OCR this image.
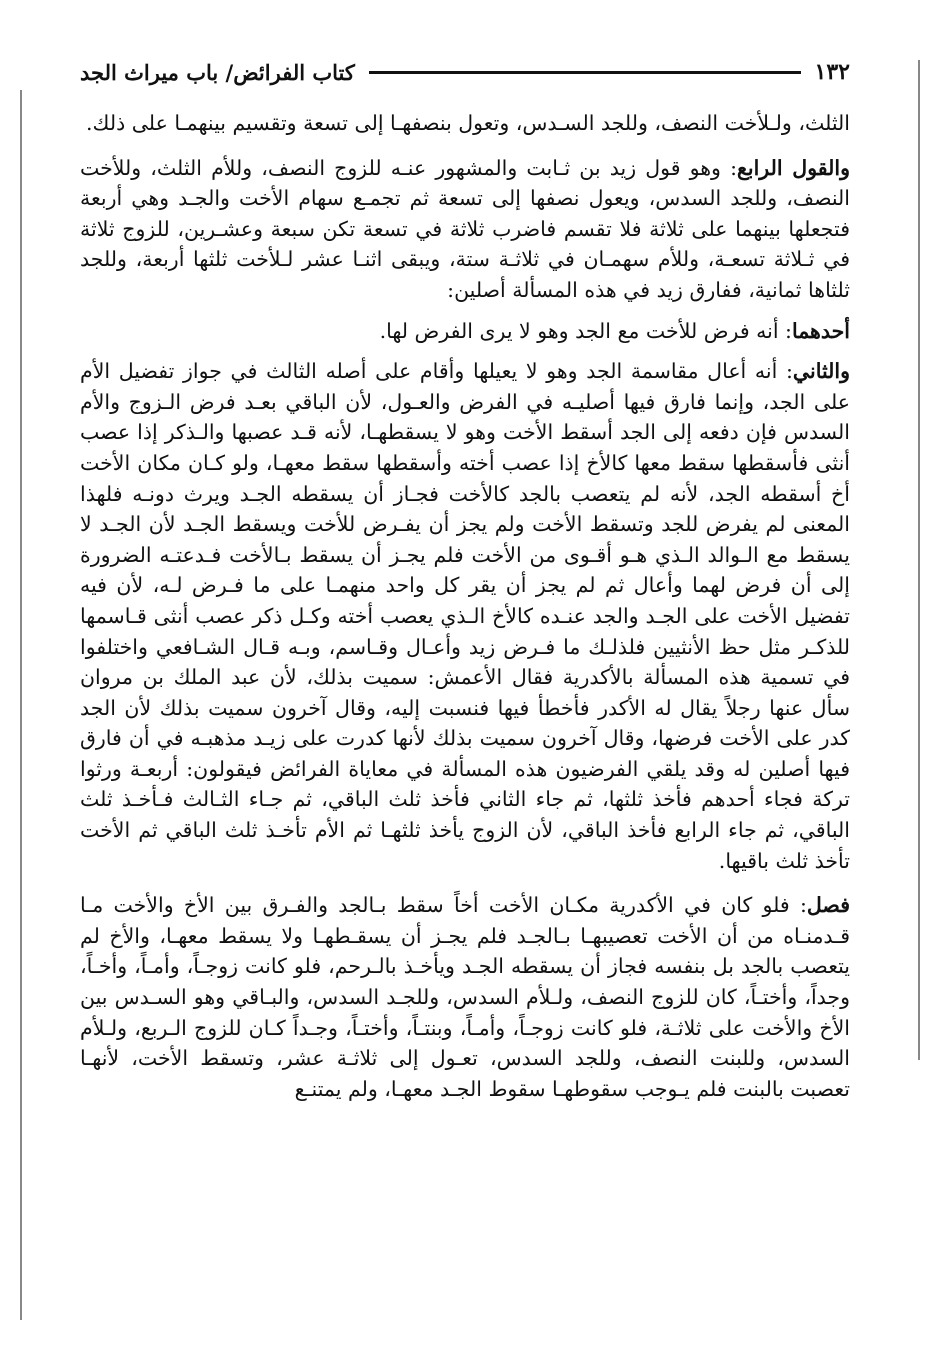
١٣٢
كتاب الفرائض/ باب ميراث الجد

الثلث، ولـلأخت النصف، وللجد السـدس، وتعول بنصفهـا إلى تسعة وتقسيم بينهمـا على ذلك.

والقول الرابع: وهو قول زيد بن ثـابت والمشهور عنـه للزوج النصف، وللأم الثلث، وللأخت النصف، وللجد السدس، ويعول نصفها إلى تسعة ثم تجمـع سهام الأخت والجـد وهي أربعة فتجعلها بينهما على ثلاثة فلا تقسم فاضرب ثلاثة في تسعة تكن سبعة وعشـرين، للزوج ثلاثة في ثـلاثة تسعـة، وللأم سهمـان في ثلاثـة ستة، ويبقى اثنـا عشر لـلأخت ثلثها أربعة، وللجد ثلثاها ثمانية، ففارق زيد في هذه المسألة أصلين:

أحدهما: أنه فرض للأخت مع الجد وهو لا يرى الفرض لها.

والثاني: أنه أعال مقاسمة الجد وهو لا يعيلها وأقام على أصله الثالث في جواز تفضيل الأم على الجد، وإنما فارق فيها أصليـه في الفرض والعـول، لأن الباقي بعـد فرض الـزوج والأم السدس فإن دفعه إلى الجد أسقط الأخت وهو لا يسقطهـا، لأنه قـد عصبها والـذكر إذا عصب أنثى فأسقطها سقط معها كالأخ إذا عصب أخته وأسقطها سقط معهـا، ولو كـان مكان الأخت أخ أسقطه الجد، لأنه لم يتعصب بالجد كالأخت فجـاز أن يسقطه الجـد ويرث دونـه فلهذا المعنى لم يفرض للجد وتسقط الأخت ولم يجز أن يفـرض للأخت ويسقط الجـد لأن الجـد لا يسقط مع الـوالد الـذي هـو أقـوى من الأخت فلم يجـز أن يسقط بـالأخت فـدعتـه الضرورة إلى أن فرض لهما وأعال ثم لم يجز أن يقر كل واحد منهمـا على ما فـرض لـه، لأن فيه تفضيل الأخت على الجـد والجد عنـده كالأخ الـذي يعصب أخته وكـل ذكر عصب أنثى قـاسمها للذكـر مثل حظ الأنثيين فلذلـك ما فـرض زيد وأعـال وقـاسم، وبـه قـال الشـافعي واختلفوا في تسمية هذه المسألة بالأكدرية فقال الأعمش: سميت بذلك، لأن عبد الملك بن مروان سأل عنها رجلاً يقال له الأكدر فأخطأ فيها فنسبت إليه، وقال آخرون سميت بذلك لأن الجد كدر على الأخت فرضها، وقال آخرون سميت بذلك لأنها كدرت على زيـد مذهبـه في أن فارق فيها أصلين له وقد يلقي الفرضيون هذه المسألة في معاياة الفرائض فيقولون: أربعـة ورثوا تركة فجاء أحدهم فأخذ ثلثها، ثم جاء الثاني فأخذ ثلث الباقي، ثم جـاء الثـالث فـأخـذ ثلث الباقي، ثم جاء الرابع فأخذ الباقي، لأن الزوج يأخذ ثلثهـا ثم الأم تأخـذ ثلث الباقي ثم الأخت تأخذ ثلث باقيها.

فصل: فلو كان في الأكدرية مكـان الأخت أخاً سقط بـالجد والفـرق بين الأخ والأخت مـا قـدمنـاه من أن الأخت تعصيبهـا بـالجـد فلم يجـز أن يسقـطهـا ولا يسقط معهـا، والأخ لم يتعصب بالجد بل بنفسه فجاز أن يسقطه الجـد ويأخـذ بالـرحم، فلو كانت زوجـاً، وأمـاً، وأخـاً، وجداً، وأختـاً، كان للزوج النصف، ولـلأم السدس، وللجـد السدس، والبـاقي وهو السـدس بين الأخ والأخت على ثلاثـة، فلو كانت زوجـاً، وأمـاً، وبنتـاً، وأختـاً، وجـداً كـان للزوج الـربع، ولـلأم السدس، وللبنت النصف، وللجد السدس، تعـول إلى ثلاثـة عشر، وتسقط الأخت، لأنهـا تعصبت بالبنت فلم يـوجب سقوطهـا سقوط الجـد معهـا، ولم يمتنـع
